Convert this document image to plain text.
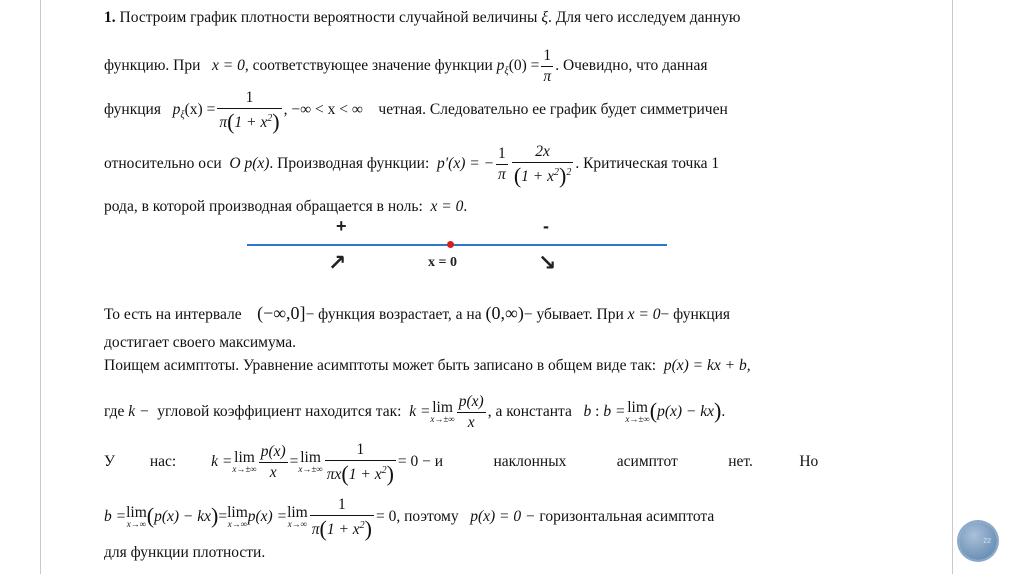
1. Построим график плотности вероятности случайной величины ξ. Для чего исследуем данную
функцию. При x = 0, соответствующее значение функции $p_\xi(0) = \frac{1}{\pi}$ . Очевидно, что данная
функция $p_\xi(x) = \frac{1}{\pi(1 + x^2)}$ , −∞ < x < ∞ четная. Следовательно ее график будет симметричен
относительно оси O p(x). Производная функции: p′(x) = − $\frac{1}{\pi} \frac{2x}{(1 + x^2)^2}$ . Критическая точка 1
рода, в которой производная обращается в ноль: x = 0.
+	-
↗	x = 0	↘
То есть на интервале (−∞,0]− функция возрастает, а на (0,∞)− убывает. При x = 0− функция
достигает своего максимума.
Поищем асимптоты. Уравнение асимптоты может быть записано в общем виде так: p(x) = kx + b,
где k − угловой коэффициент находится так: k = lim
$x\to\pm\infty \frac{p(x)}{x}$ , а константа b : b = lim
x→±∞ (p(x) − kx).
У нас: k = lim
$x\to\pm\infty \frac{p(x)}{x} = \lim$
$x\to\pm\infty \frac{1}{\pi x(1 + x^2)} = 0 - и$	наклонных	асимптот	нет.	Но
b =lim
x→∞ (p(x) − kx)=lim
x→∞ p(x) =lim
$x\to\infty \frac{1}{\pi(1 + x^2)} = 0$, поэтому p(x) = 0 − горизонтальная асимптота
для функции плотности.
22
